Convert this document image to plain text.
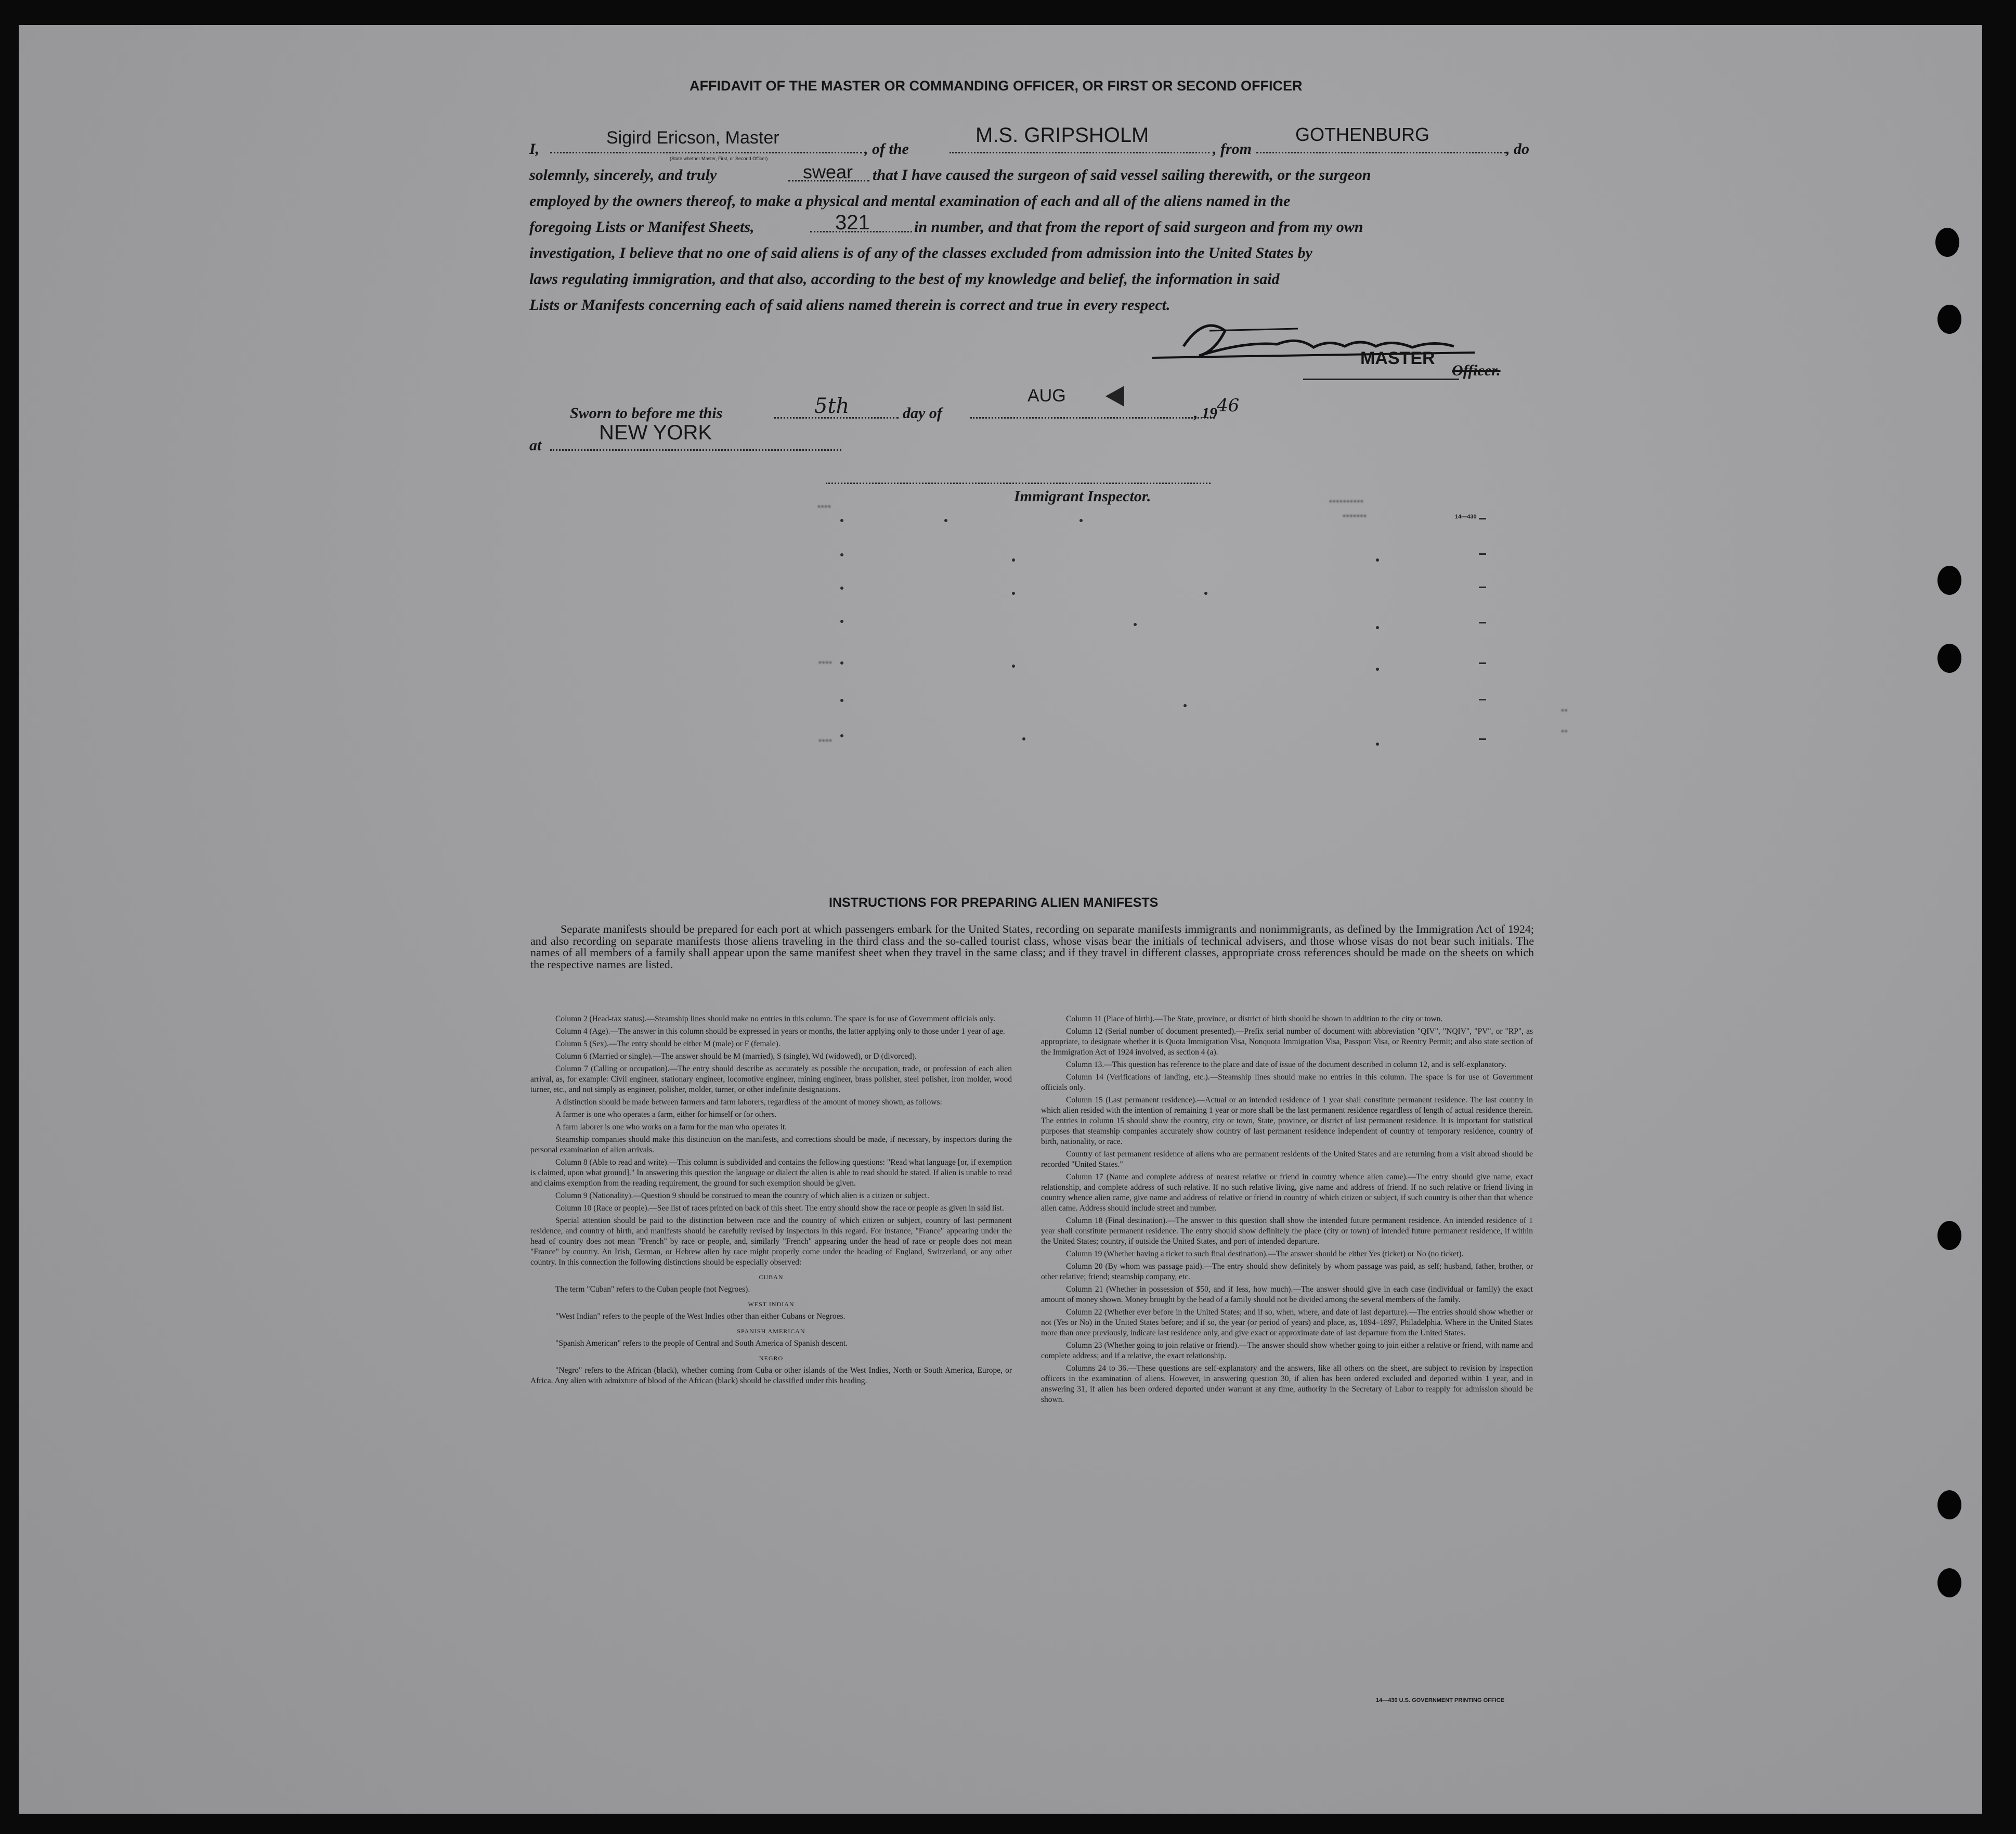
AFFIDAVIT OF THE MASTER OR COMMANDING OFFICER, OR FIRST OR SECOND OFFICER
I,
Sigird Ericson, Master
(State whether Master, First, or Second Officer)
, of the
M.S. GRIPSHOLM
, from
GOTHENBURG
, do
solemnly, sincerely, and truly	swear that I have caused the surgeon of said vessel sailing therewith, or the surgeon
employed by the owners thereof, to make a physical and mental examination of each and all of the aliens named in the
foregoing Lists or Manifest Sheets,	321	in number, and that from the report of said surgeon and from my own
investigation, I believe that no one of said aliens is of any of the classes excluded from admission into the United States by
laws regulating immigration, and that also, according to the best of my knowledge and belief, the information in said
Lists or Manifests concerning each of said aliens named therein is correct and true in every respect.
MASTER
Officer.
Sworn to before me this	5th	day of
AUG
, 19 46
at
NEW YORK
Immigrant Inspector.
▪▪▪▪
▪▪▪▪▪▪▪▪▪▪
▪▪▪▪▪▪▪	14—430
▪▪▪▪
▪▪▪▪
▪▪
▪▪
INSTRUCTIONS FOR PREPARING ALIEN MANIFESTS
Separate manifests should be prepared for each port at which passengers embark for the United States, recording on separate manifests immigrants and nonimmigrants, as defined by the Immigration Act of 1924; and also recording on separate manifests those aliens traveling in the third class and the so-called tourist class, whose visas bear the initials of technical advisers, and those whose visas do not bear such initials. The names of all members of a family shall appear upon the same manifest sheet when they travel in the same class; and if they travel in different classes, appropriate cross references should be made on the sheets on which the respective names are listed.

Column 2 (Head-tax status).—Steamship lines should make no entries in this column. The space is for use of Government officials only.

Column 4 (Age).—The answer in this column should be expressed in years or months, the latter applying only to those under 1 year of age.

Column 5 (Sex).—The entry should be either M (male) or F (female).

Column 6 (Married or single).—The answer should be M (married), S (single), Wd (widowed), or D (divorced).

Column 7 (Calling or occupation).—The entry should describe as accurately as possible the occupation, trade, or profession of each alien arrival, as, for example: Civil engineer, stationary engineer, locomotive engineer, mining engineer, brass polisher, steel polisher, iron molder, wood turner, etc., and not simply as engineer, polisher, molder, turner, or other indefinite designations.

A distinction should be made between farmers and farm laborers, regardless of the amount of money shown, as follows:

A farmer is one who operates a farm, either for himself or for others.

A farm laborer is one who works on a farm for the man who operates it.

Steamship companies should make this distinction on the manifests, and corrections should be made, if necessary, by inspectors during the personal examination of alien arrivals.

Column 8 (Able to read and write).—This column is subdivided and contains the following questions: "Read what language [or, if exemption is claimed, upon what ground]." In answering this question the language or dialect the alien is able to read should be stated. If alien is unable to read and claims exemption from the reading requirement, the ground for such exemption should be given.

Column 9 (Nationality).—Question 9 should be construed to mean the country of which alien is a citizen or subject.

Column 10 (Race or people).—See list of races printed on back of this sheet. The entry should show the race or people as given in said list.

Special attention should be paid to the distinction between race and the country of which citizen or subject, country of last permanent residence, and country of birth, and manifests should be carefully revised by inspectors in this regard. For instance, "France" appearing under the head of country does not mean "French" by race or people, and, similarly "French" appearing under the head of race or people does not mean "France" by country. An Irish, German, or Hebrew alien by race might properly come under the heading of England, Switzerland, or any other country. In this connection the following distinctions should be especially observed:

CUBAN

The term "Cuban" refers to the Cuban people (not Negroes).

WEST INDIAN

"West Indian" refers to the people of the West Indies other than either Cubans or Negroes.

SPANISH AMERICAN

"Spanish American" refers to the people of Central and South America of Spanish descent.

NEGRO

"Negro" refers to the African (black), whether coming from Cuba or other islands of the West Indies, North or South America, Europe, or Africa. Any alien with admixture of blood of the African (black) should be classified under this heading.

Column 11 (Place of birth).—The State, province, or district of birth should be shown in addition to the city or town.

Column 12 (Serial number of document presented).—Prefix serial number of document with abbreviation "QIV", "NQIV", "PV", or "RP", as appropriate, to designate whether it is Quota Immigration Visa, Nonquota Immigration Visa, Passport Visa, or Reentry Permit; and also state section of the Immigration Act of 1924 involved, as section 4 (a).

Column 13.—This question has reference to the place and date of issue of the document described in column 12, and is self-explanatory.

Column 14 (Verifications of landing, etc.).—Steamship lines should make no entries in this column. The space is for use of Government officials only.

Column 15 (Last permanent residence).—Actual or an intended residence of 1 year shall constitute permanent residence. The last country in which alien resided with the intention of remaining 1 year or more shall be the last permanent residence regardless of length of actual residence therein. The entries in column 15 should show the country, city or town, State, province, or district of last permanent residence. It is important for statistical purposes that steamship companies accurately show country of last permanent residence independent of country of temporary residence, country of birth, nationality, or race.

Country of last permanent residence of aliens who are permanent residents of the United States and are returning from a visit abroad should be recorded "United States."

Column 17 (Name and complete address of nearest relative or friend in country whence alien came).—The entry should give name, exact relationship, and complete address of such relative. If no such relative living, give name and address of friend. If no such relative or friend living in country whence alien came, give name and address of relative or friend in country of which citizen or subject, if such country is other than that whence alien came. Address should include street and number.

Column 18 (Final destination).—The answer to this question shall show the intended future permanent residence. An intended residence of 1 year shall constitute permanent residence. The entry should show definitely the place (city or town) of intended future permanent residence, if within the United States; country, if outside the United States, and port of intended departure.

Column 19 (Whether having a ticket to such final destination).—The answer should be either Yes (ticket) or No (no ticket).

Column 20 (By whom was passage paid).—The entry should show definitely by whom passage was paid, as self; husband, father, brother, or other relative; friend; steamship company, etc.

Column 21 (Whether in possession of $50, and if less, how much).—The answer should give in each case (individual or family) the exact amount of money shown. Money brought by the head of a family should not be divided among the several members of the family.

Column 22 (Whether ever before in the United States; and if so, when, where, and date of last departure).—The entries should show whether or not (Yes or No) in the United States before; and if so, the year (or period of years) and place, as, 1894–1897, Philadelphia. Where in the United States more than once previously, indicate last residence only, and give exact or approximate date of last departure from the United States.

Column 23 (Whether going to join relative or friend).—The answer should show whether going to join either a relative or friend, with name and complete address; and if a relative, the exact relationship.

Columns 24 to 36.—These questions are self-explanatory and the answers, like all others on the sheet, are subject to revision by inspection officers in the examination of aliens. However, in answering question 30, if alien has been ordered excluded and deported within 1 year, and in answering 31, if alien has been ordered deported under warrant at any time, authority in the Secretary of Labor to reapply for admission should be shown.

14—430 U.S. GOVERNMENT PRINTING OFFICE
